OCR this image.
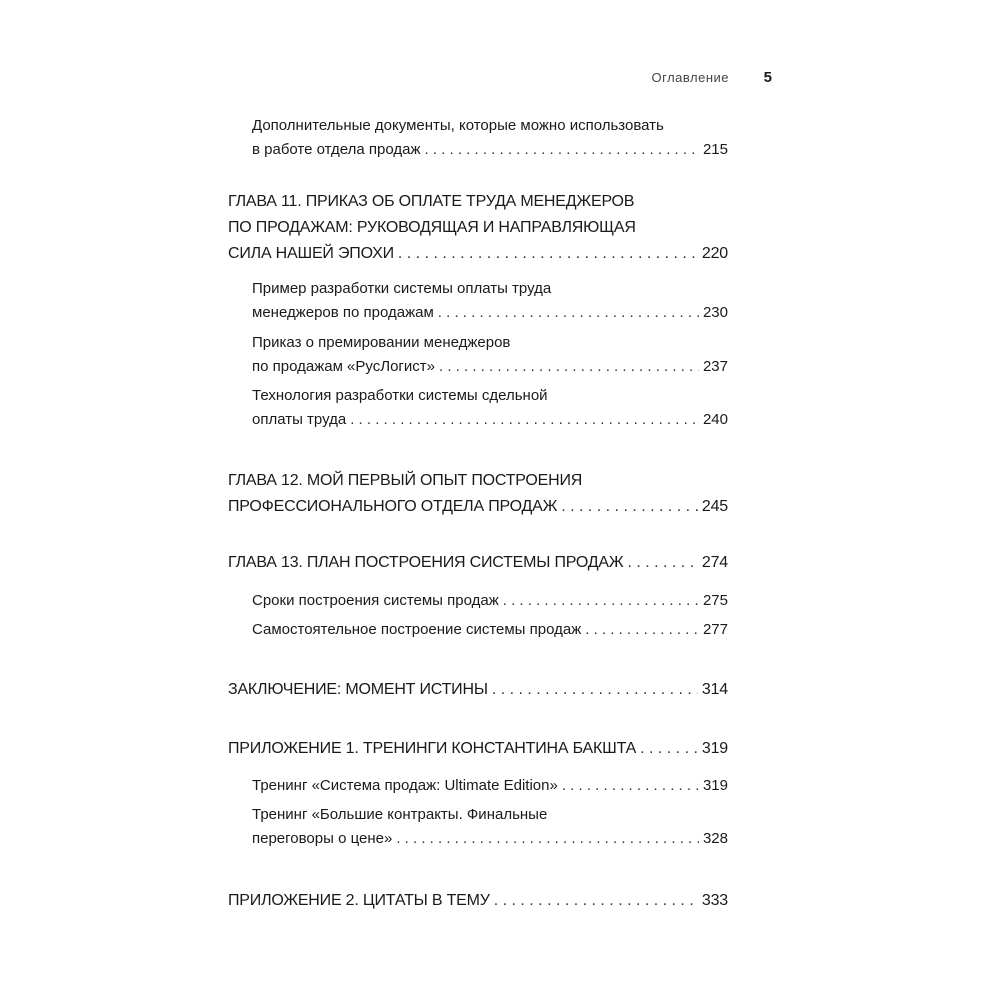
Оглавление 5
Дополнительные документы, которые можно использовать
в работе отдела продаж . . .	215
ГЛАВА 11. ПРИКАЗ ОБ ОПЛАТЕ ТРУДА МЕНЕДЖЕРОВ
ПО ПРОДАЖАМ: РУКОВОДЯЩАЯ И НАПРАВЛЯЮЩАЯ
СИЛА НАШЕЙ ЭПОХИ . . .	220
Пример разработки системы оплаты труда
менеджеров по продажам . . .	230
Приказ о премировании менеджеров
по продажам «РусЛогист» . . .	237
Технология разработки системы сдельной
оплаты труда . . .	240
ГЛАВА 12. МОЙ ПЕРВЫЙ ОПЫТ ПОСТРОЕНИЯ
ПРОФЕССИОНАЛЬНОГО ОТДЕЛА ПРОДАЖ . . .	245
ГЛАВА 13. ПЛАН ПОСТРОЕНИЯ СИСТЕМЫ ПРОДАЖ . . .	274
Сроки построения системы продаж . . .	275
Самостоятельное построение системы продаж . . .	277
ЗАКЛЮЧЕНИЕ: МОМЕНТ ИСТИНЫ . . .	314
ПРИЛОЖЕНИЕ 1. ТРЕНИНГИ КОНСТАНТИНА БАКШТА . . .	319
Тренинг «Система продаж: Ultimate Edition» . . .	319
Тренинг «Большие контракты. Финальные
переговоры о цене» . . .	328
ПРИЛОЖЕНИЕ 2. ЦИТАТЫ В ТЕМУ . . .	333
